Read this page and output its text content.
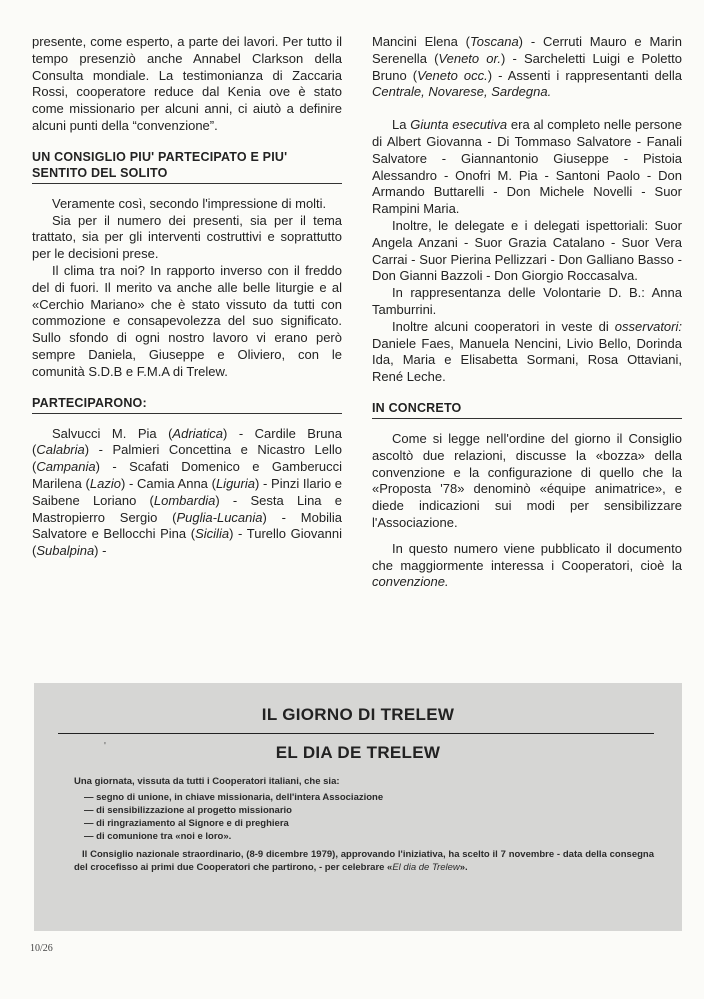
presente, come esperto, a parte dei lavori. Per tutto il tempo presenziò anche Annabel Clarkson della Consulta mondiale. La testimonianza di Zaccaria Rossi, cooperatore reduce dal Kenia ove è stato come missionario per alcuni anni, ci aiutò a definire alcuni punti della “convenzione”.

UN CONSIGLIO PIU' PARTECIPATO E PIU' SENTITO DEL SOLITO

Veramente così, secondo l'impressione di molti.

Sia per il numero dei presenti, sia per il tema trattato, sia per gli interventi costruttivi e soprattutto per le decisioni prese.

Il clima tra noi? In rapporto inverso con il freddo del di fuori. Il merito va anche alle belle liturgie e al «Cerchio Mariano» che è stato vissuto da tutti con commozione e consapevolezza del suo significato. Sullo sfondo di ogni nostro lavoro vi erano però sempre Daniela, Giuseppe e Oliviero, con le comunità S.D.B e F.M.A di Trelew.

PARTECIPARONO:

Salvucci M. Pia (Adriatica) - Cardile Bruna (Calabria) - Palmieri Concettina e Nicastro Lello (Campania) - Scafati Domenico e Gamberucci Marilena (Lazio) - Camia Anna (Liguria) - Pinzi Ilario e Saibene Loriano (Lombardia) - Sesta Lina e Mastropierro Sergio (Puglia-Lucania) - Mobilia Salvatore e Bellocchi Pina (Sicilia) - Turello Giovanni (Subalpina) -

Mancini Elena (Toscana) - Cerruti Mauro e Marin Serenella (Veneto or.) - Sarcheletti Luigi e Poletto Bruno (Veneto occ.) - Assenti i rappresentanti della Centrale, Novarese, Sardegna.

La Giunta esecutiva era al completo nelle persone di Albert Giovanna - Di Tommaso Salvatore - Fanali Salvatore - Giannantonio Giuseppe - Pistoia Alessandro - Onofri M. Pia - Santoni Paolo - Don Armando Buttarelli - Don Michele Novelli - Suor Rampini Maria.

Inoltre, le delegate e i delegati ispettoriali: Suor Angela Anzani - Suor Grazia Catalano - Suor Vera Carrai - Suor Pierina Pellizzari - Don Galliano Basso - Don Gianni Bazzoli - Don Giorgio Roccasalva.

In rappresentanza delle Volontarie D. B.: Anna Tamburrini.

Inoltre alcuni cooperatori in veste di osservatori: Daniele Faes, Manuela Nencini, Livio Bello, Dorinda Ida, Maria e Elisabetta Sormani, Rosa Ottaviani, René Leche.

IN CONCRETO

Come si legge nell'ordine del giorno il Consiglio ascoltò due relazioni, discusse la «bozza» della convenzione e la configurazione di quello che la «Proposta '78» denominò «équipe animatrice», e diede indicazioni sui modi per sensibilizzare l'Associazione.

In questo numero viene pubblicato il documento che maggiormente interessa i Cooperatori, cioè la convenzione.

IL GIORNO DI TRELEW
'	EL DIA DE TRELEW

Una giornata, vissuta da tutti i Cooperatori italiani, che sia:

— segno di unione, in chiave missionaria, dell'intera Associazione
— di sensibilizzazione al progetto missionario
— di ringraziamento al Signore e di preghiera
— di comunione tra «noi e loro».

Il Consiglio nazionale straordinario, (8-9 dicembre 1979), approvando l'iniziativa, ha scelto il 7 novembre - data della consegna del crocefisso ai primi due Cooperatori che partirono, - per celebrare «El dia de Trelew».

10/26
